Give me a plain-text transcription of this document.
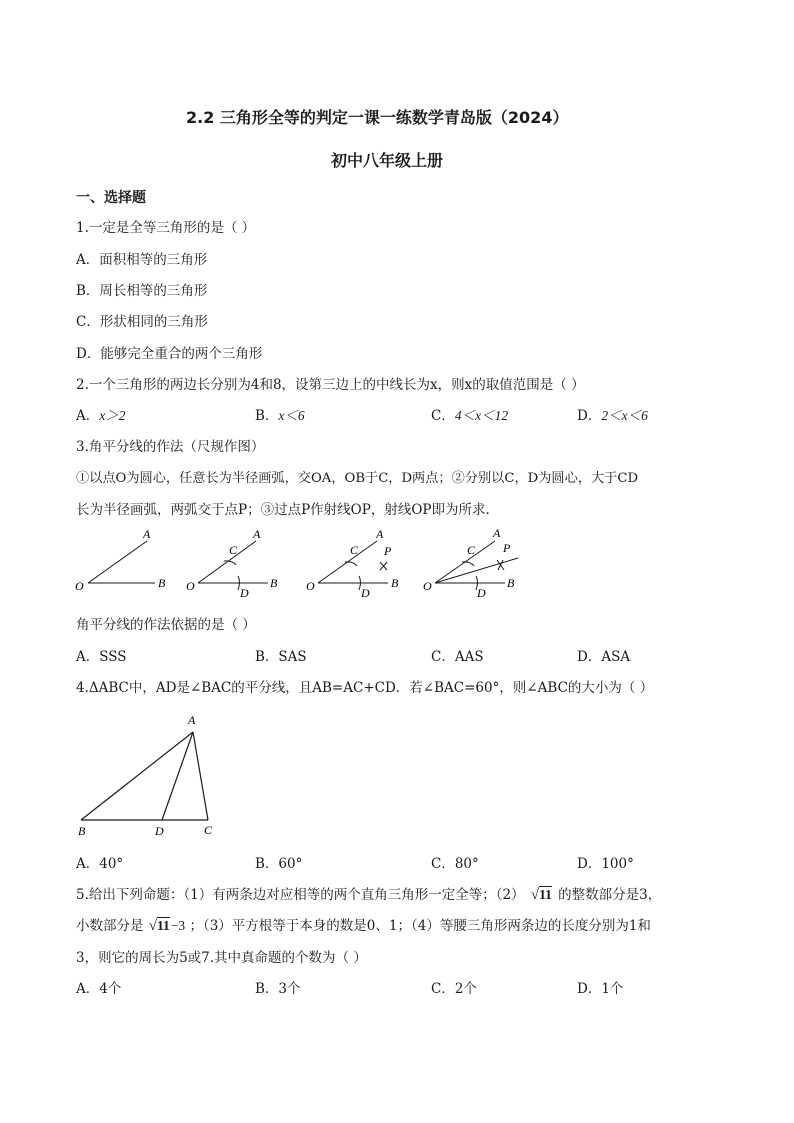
2.2 三角形全等的判定一课一练数学青岛版（2024）
初中八年级上册
一、选择题
1.一定是全等三角形的是（ ）
A．面积相等的三角形
B．周长相等的三角形
C．形状相同的三角形
D．能够完全重合的两个三角形
2.一个三角形的两边长分别为4和8，设第三边上的中线长为x，则x的取值范围是（ ）
A．x＞2	B．x＜6	C．4＜x＜12	D．2＜x＜6
3.角平分线的作法（尺规作图）
①以点O为圆心，任意长为半径画弧，交OA，OB于C，D两点；②分别以C，D为圆心，大于CD
长为半径画弧，两弧交于点P；③过点P作射线OP，射线OP即为所求.
A
O	B
A
C
O	D
B
A
C P
O	D
B
A
C P
O	D
B
角平分线的作法依据的是（ ）
A．SSS	B．SAS	C．AAS	D．ASA
4.ΔABC中，AD是∠BAC的平分线，且AB=AC+CD．若∠BAC=60°，则∠ABC的大小为（ ）
A
B	D	C
A．40°	B．60°	C．80°	D．100°
5.给出下列命题：（1）有两条边对应相等的两个直角三角形一定全等；（2） √11 的整数部分是3，
小数部分是 √11−3 ；（3）平方根等于本身的数是0、1；（4）等腰三角形两条边的长度分别为1和
3，则它的周长为5或7.其中真命题的个数为（ ）
A．4个	B．3个	C．2个	D．1个
